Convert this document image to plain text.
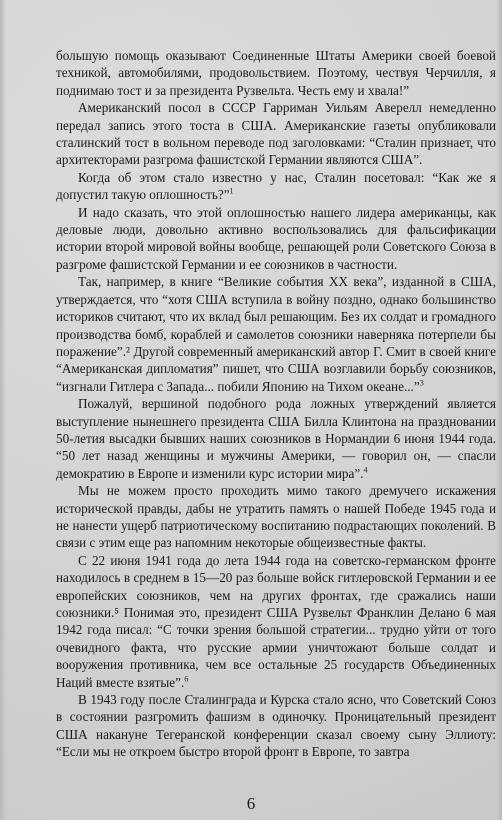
большую помощь оказывают Соединенные Штаты Америки своей боевой техникой, автомобилями, продовольствием. Поэтому, чествуя Черчилля, я поднимаю тост и за президента Рузвельта. Честь ему и хвала!”

Американский посол в СССР Гарриман Уильям Аверелл немедленно передал запись этого тоста в США. Американские газеты опубликовали сталинский тост в вольном переводе под заголовками: “Сталин признает, что архитекторами разгрома фашистской Германии являются США”.

Когда об этом стало известно у нас, Сталин посетовал: “Как же я допустил такую оплошность?”$^1$

И надо сказать, что этой оплошностью нашего лидера американцы, как деловые люди, довольно активно воспользовались для фальсификации истории второй мировой войны вообще, решающей роли Советского Союза в разгроме фашистской Германии и ее союзников в частности.

Так, например, в книге “Великие события XX века”, изданной в США, утверждается, что “хотя США вступила в войну поздно, однако большинство историков считают, что их вклад был решающим. Без их солдат и громадного производства бомб, кораблей и самолетов союзники наверняка потерпели бы поражение”.² Другой современный американский автор Г. Смит в своей книге “Американская дипломатия” пишет, что США возглавили борьбу союзников, “изгнали Гитлера с Запада... побили Японию на Тихом океане...”$^3$

Пожалуй, вершиной подобного рода ложных утверждений является выступление нынешнего президента США Билла Клинтона на праздновании 50-летия высадки бывших наших союзников в Нормандии 6 июня 1944 года. “50 лет назад женщины и мужчины Америки, — говорил он, — спасли демократию в Европе и изменили курс истории мира”.$^4$

Мы не можем просто проходить мимо такого дремучего искажения исторической правды, дабы не утратить память о нашей Победе 1945 года и не нанести ущерб патриотическому воспитанию подрастающих поколений. В связи с этим еще раз напомним некоторые общеизвестные факты.

С 22 июня 1941 года до лета 1944 года на советско-германском фронте находилось в среднем в 15—20 раз больше войск гитлеровской Германии и ее европейских союзников, чем на других фронтах, где сражались наши союзники.⁵ Понимая это, президент США Рузвельт Франклин Делано 6 мая 1942 года писал: “С точки зрения большой стратегии... трудно уйти от того очевидного факта, что русские армии уничтожают больше солдат и вооружения противника, чем все остальные 25 государств Объединенных Наций вместе взятые”.$^6$

В 1943 году после Сталинграда и Курска стало ясно, что Советский Союз в состоянии разгромить фашизм в одиночку. Проницательный президент США накануне Тегеранской конференции сказал своему сыну Эллиоту: “Если мы не откроем быстро второй фронт в Европе, то завтра

6
